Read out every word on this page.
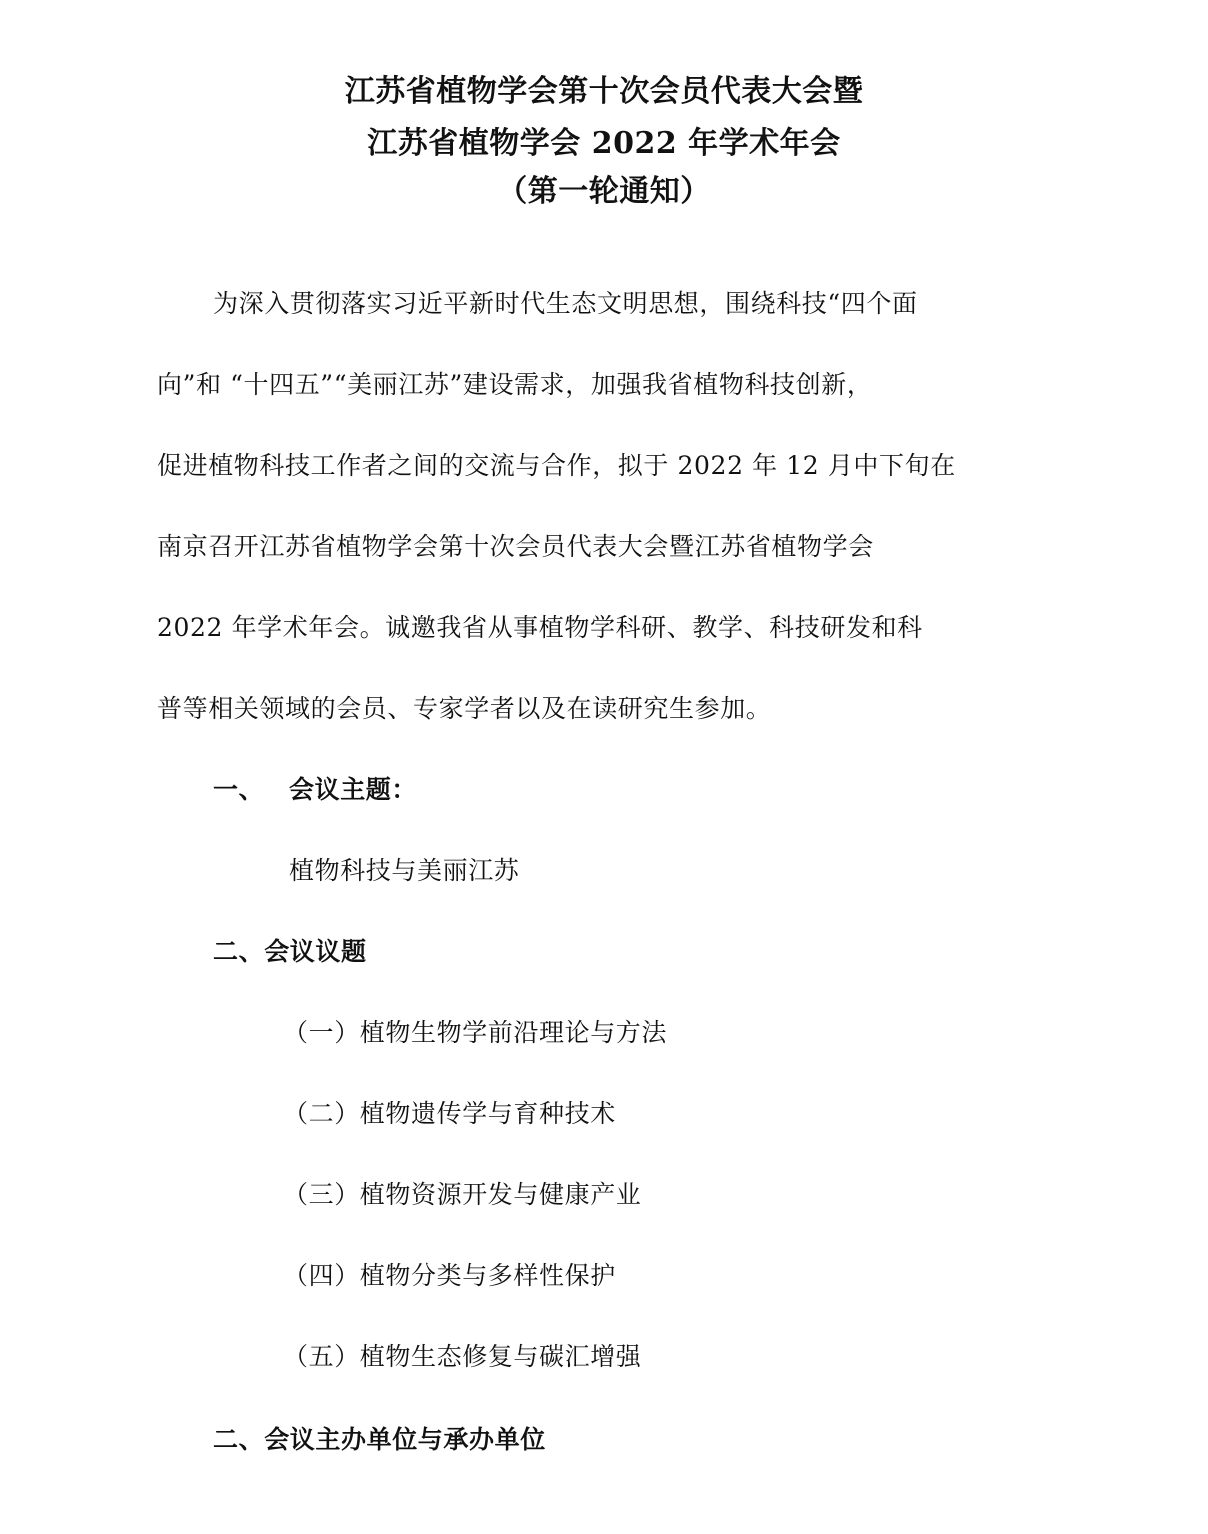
江苏省植物学会第十次会员代表大会暨
江苏省植物学会 2022 年学术年会
（第一轮通知）
为深入贯彻落实习近平新时代生态文明思想，围绕科技“四个面
向”和 “十四五”“美丽江苏”建设需求，加强我省植物科技创新，
促进植物科技工作者之间的交流与合作，拟于 2022 年 12 月中下旬在
南京召开江苏省植物学会第十次会员代表大会暨江苏省植物学会
2022 年学术年会。诚邀我省从事植物学科研、教学、科技研发和科
普等相关领域的会员、专家学者以及在读研究生参加。
一、 会议主题：
植物科技与美丽江苏
二、会议议题
（一）植物生物学前沿理论与方法
（二）植物遗传学与育种技术
（三）植物资源开发与健康产业
（四）植物分类与多样性保护
（五）植物生态修复与碳汇增强
二、会议主办单位与承办单位
